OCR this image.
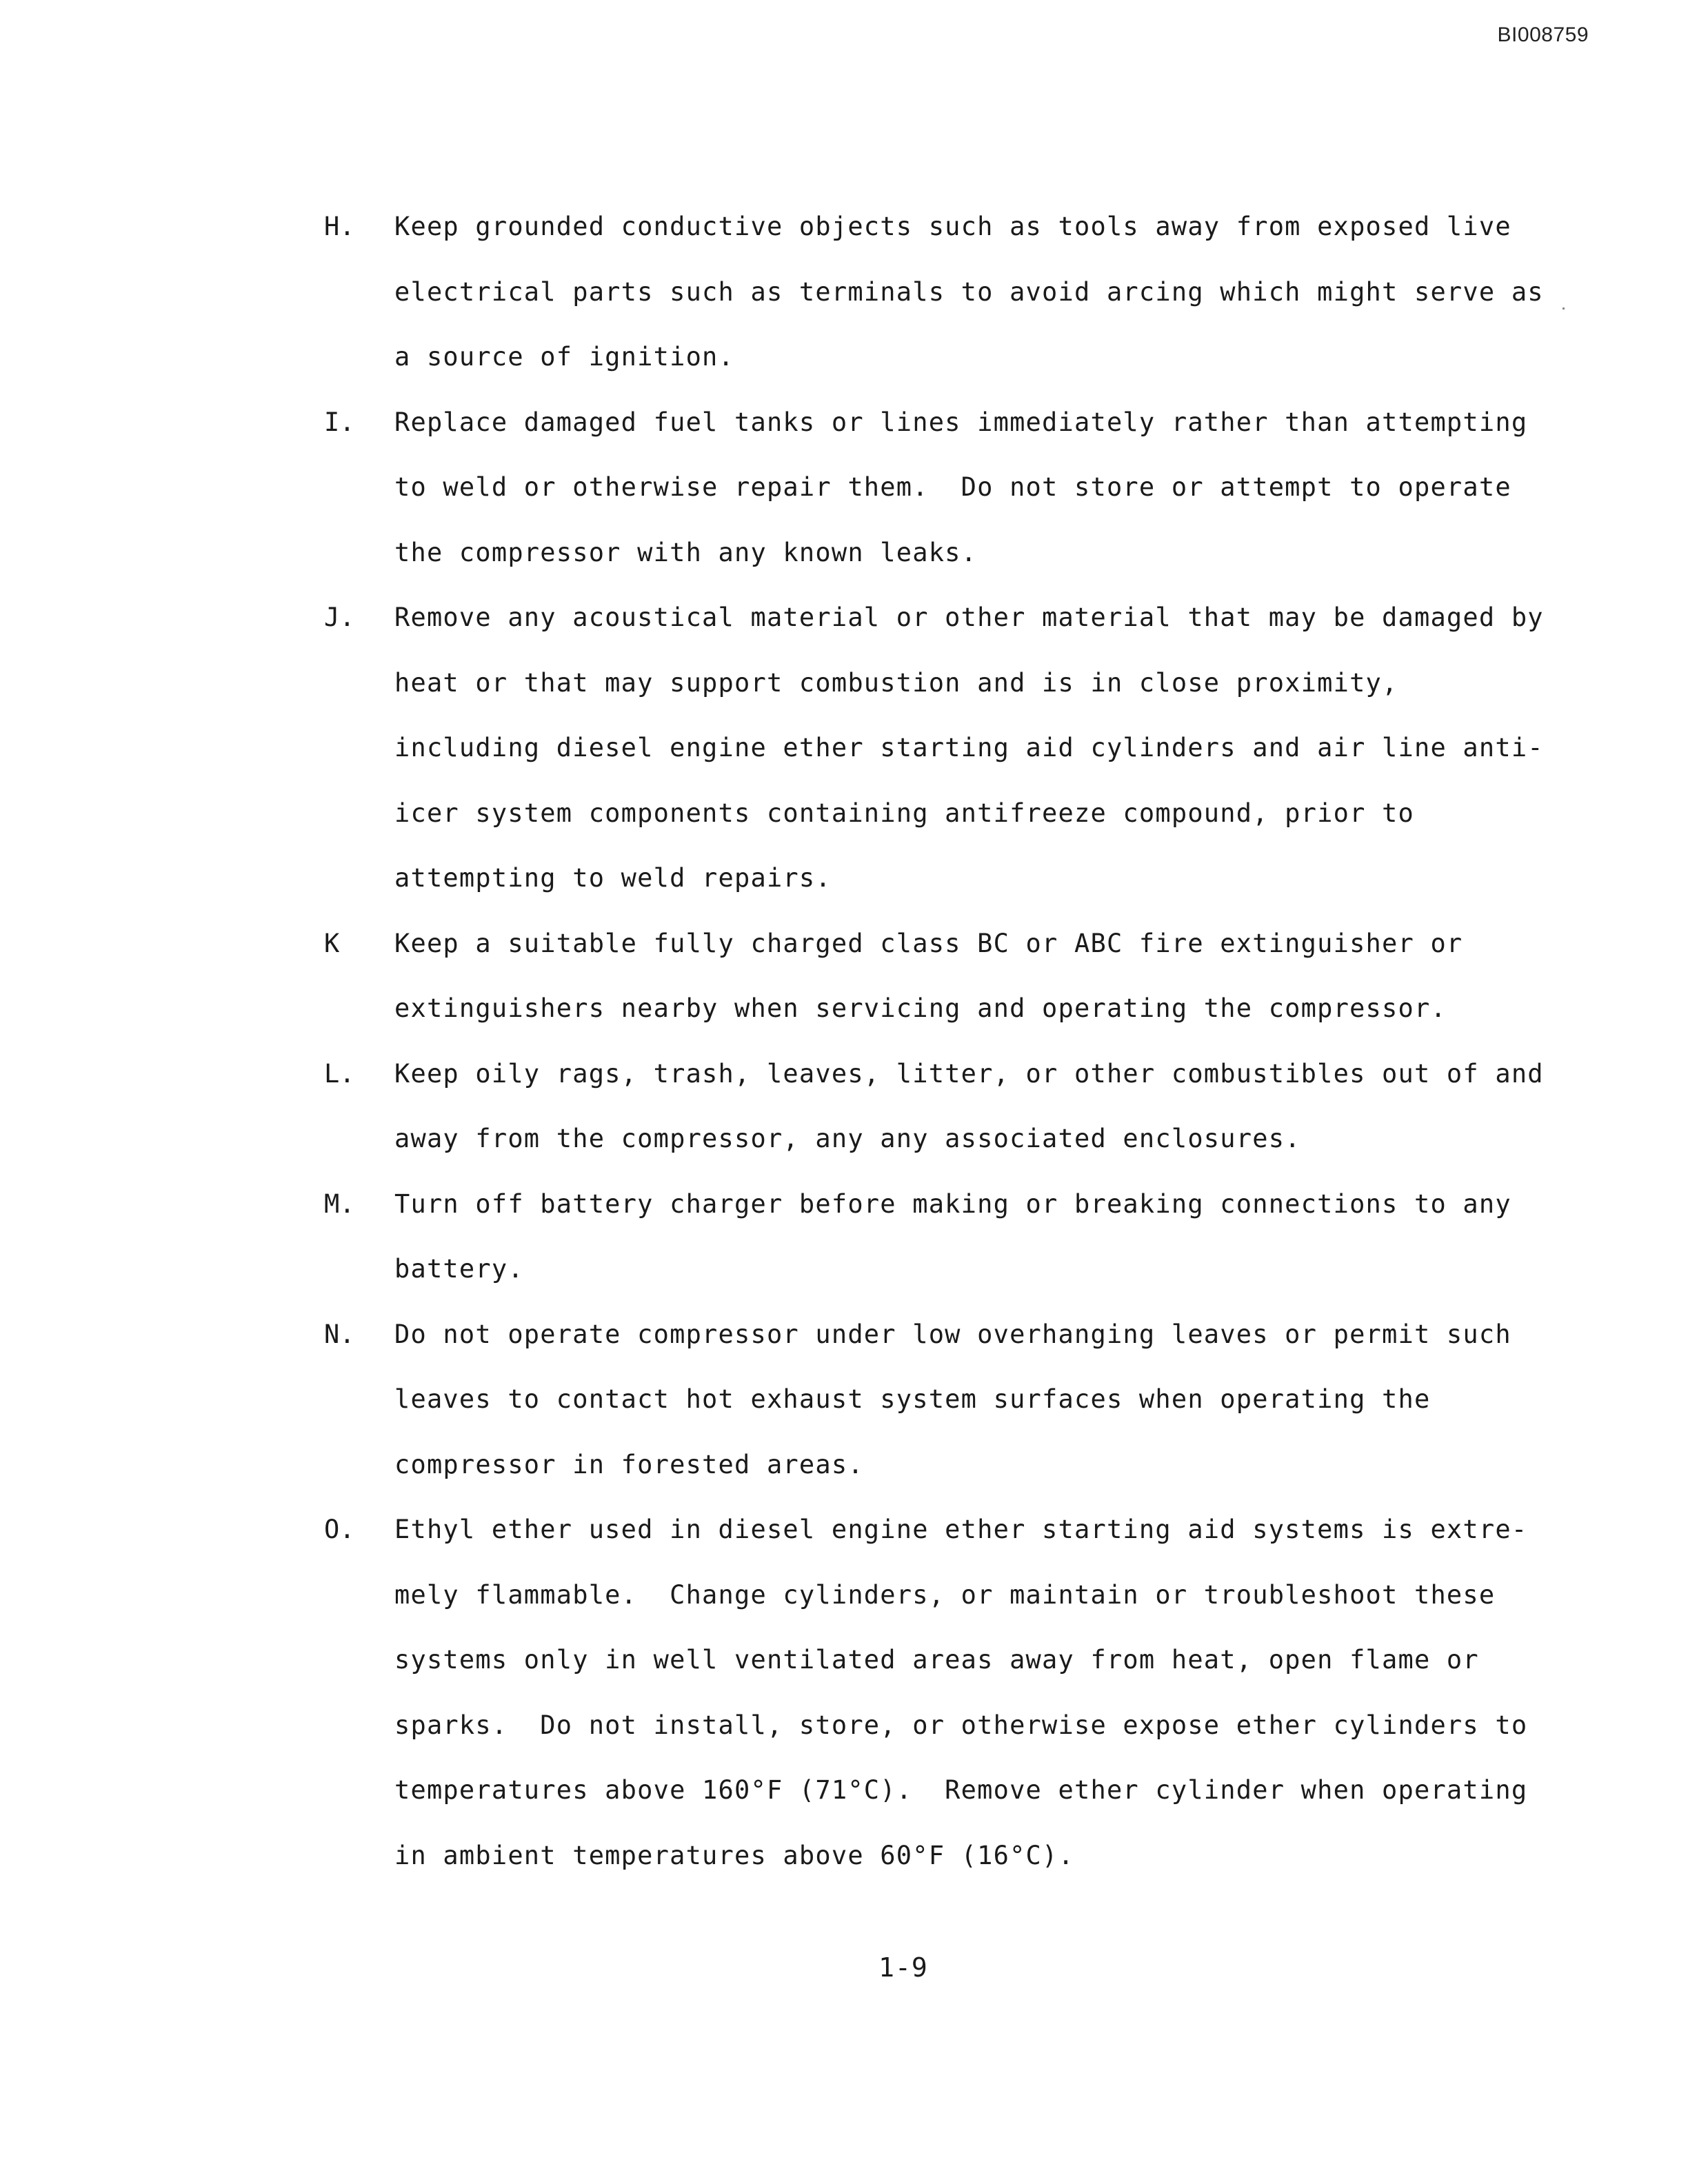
BI008759
H. Keep grounded conductive objects such as tools away from exposed live
electrical parts such as terminals to avoid arcing which might serve as
a source of ignition.
I. Replace damaged fuel tanks or lines immediately rather than attempting
to weld or otherwise repair them.  Do not store or attempt to operate
the compressor with any known leaks.
J. Remove any acoustical material or other material that may be damaged by
heat or that may support combustion and is in close proximity,
including diesel engine ether starting aid cylinders and air line anti-
icer system components containing antifreeze compound, prior to
attempting to weld repairs.
K Keep a suitable fully charged class BC or ABC fire extinguisher or
extinguishers nearby when servicing and operating the compressor.
L. Keep oily rags, trash, leaves, litter, or other combustibles out of and
away from the compressor, any any associated enclosures.
M. Turn off battery charger before making or breaking connections to any
battery.
N. Do not operate compressor under low overhanging leaves or permit such
leaves to contact hot exhaust system surfaces when operating the
compressor in forested areas.
O. Ethyl ether used in diesel engine ether starting aid systems is extre-
mely flammable.  Change cylinders, or maintain or troubleshoot these
systems only in well ventilated areas away from heat, open flame or
sparks.  Do not install, store, or otherwise expose ether cylinders to
temperatures above 160°F (71°C).  Remove ether cylinder when operating
in ambient temperatures above 60°F (16°C).
1-9
